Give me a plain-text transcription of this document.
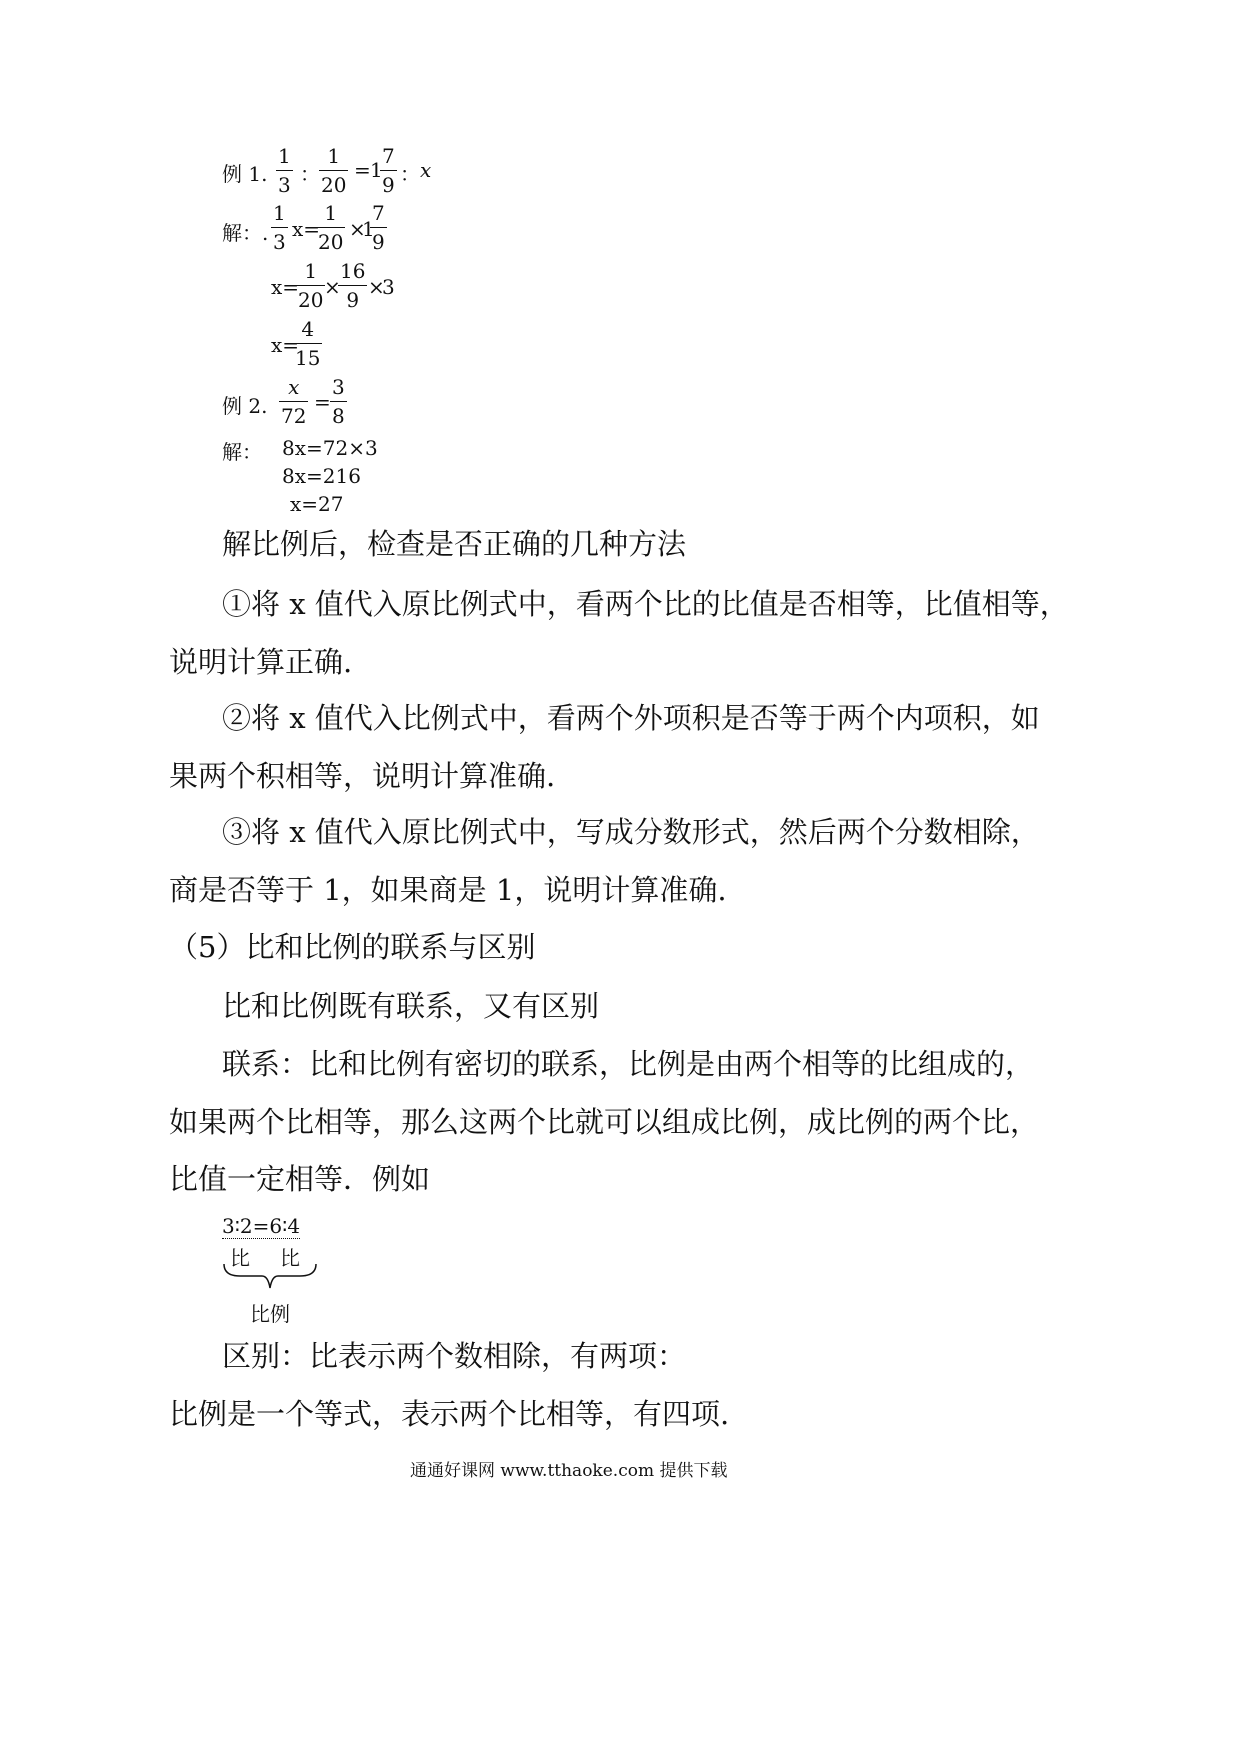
例 1.
1
3 ：
1
20
= 1
7
9 ： x
解：.
1
3
x=
1
20
×
1
7
9
x=
1
20
×
16
9
×
3
x=
4
15
例 2.
x
72
=
3
8
解： 8x=72×3
8x=216
x=27
解比例后，检查是否正确的几种方法
①将 x 值代入原比例式中，看两个比的比值是否相等，比值相等，
说明计算正确.
②将 x 值代入比例式中，看两个外项积是否等于两个内项积，如
果两个积相等，说明计算准确.
③将 x 值代入原比例式中，写成分数形式，然后两个分数相除，
商是否等于 1，如果商是 1，说明计算准确.
（5）比和比例的联系与区别
比和比例既有联系，又有区别
联系：比和比例有密切的联系，比例是由两个相等的比组成的，
如果两个比相等，那么这两个比就可以组成比例，成比例的两个比，
比值一定相等．例如
3∶2=6∶4
比 比
比例
区别：比表示两个数相除，有两项：
比例是一个等式，表示两个比相等，有四项.
通通好课网 www.tthaoke.com 提供下载
